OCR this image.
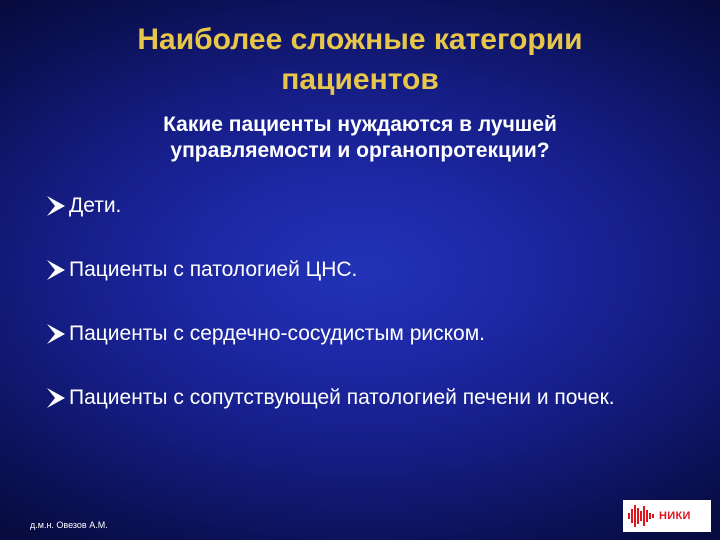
Наиболее сложные категории
пациентов
Какие пациенты нуждаются в лучшей
управляемости и органопротекции?
Дети.
Пациенты с патологией ЦНС.
Пациенты с сердечно-сосудистым риском.
Пациенты с сопутствующей патологией печени и почек.
д.м.н. Овезов А.М.
НИКИ
